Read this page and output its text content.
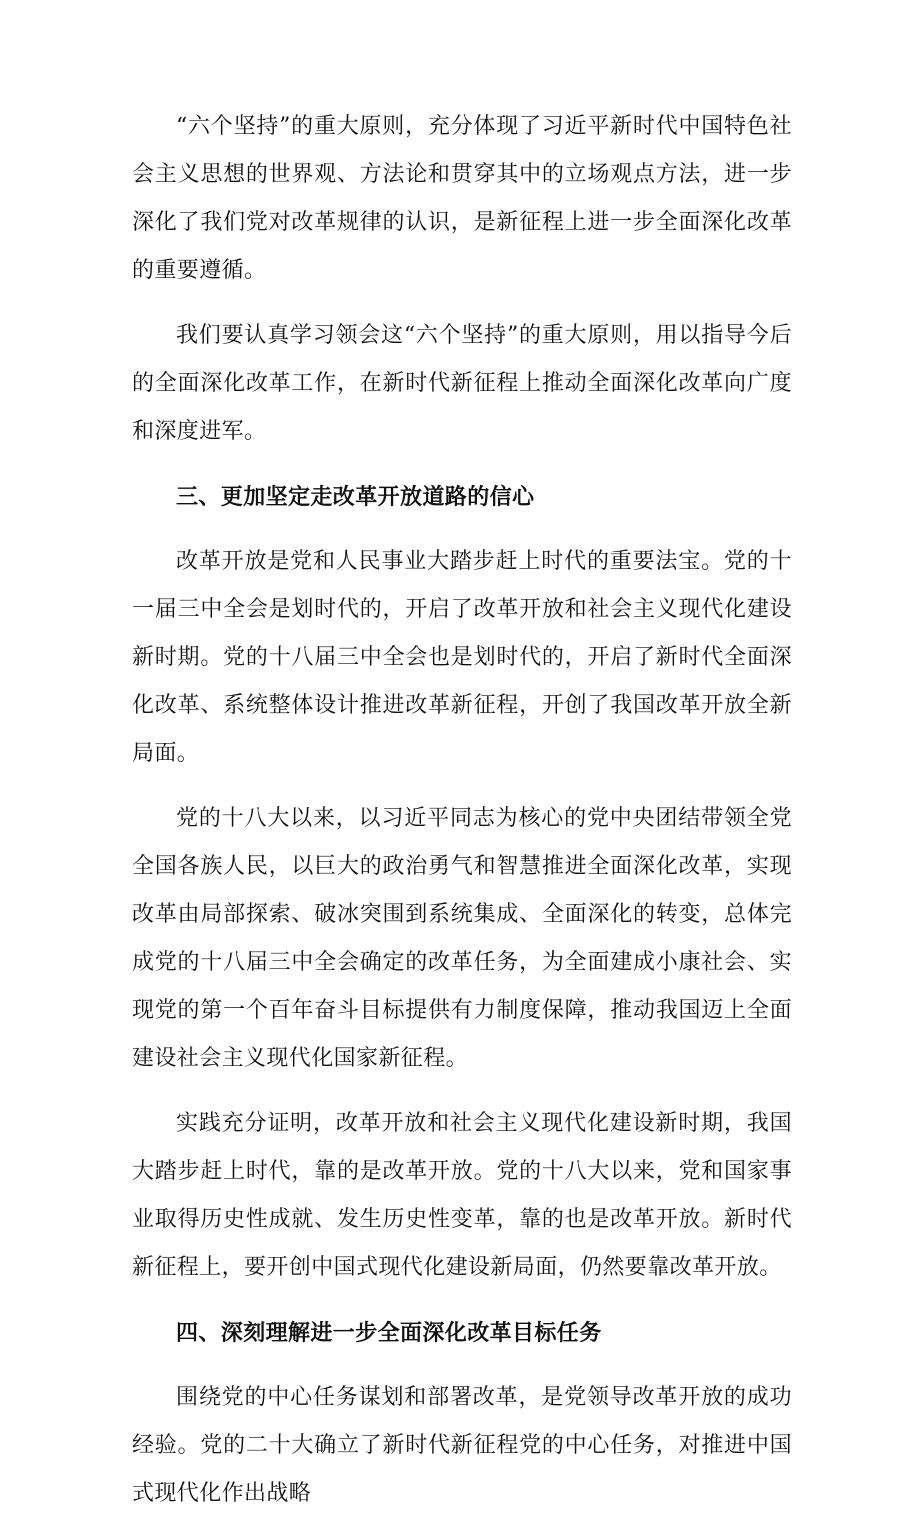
“六个坚持”的重大原则，充分体现了习近平新时代中国特色社会主义思想的世界观、方法论和贯穿其中的立场观点方法，进一步深化了我们党对改革规律的认识，是新征程上进一步全面深化改革的重要遵循。

我们要认真学习领会这“六个坚持”的重大原则，用以指导今后的全面深化改革工作，在新时代新征程上推动全面深化改革向广度和深度进军。

三、更加坚定走改革开放道路的信心

改革开放是党和人民事业大踏步赶上时代的重要法宝。党的十一届三中全会是划时代的，开启了改革开放和社会主义现代化建设新时期。党的十八届三中全会也是划时代的，开启了新时代全面深化改革、系统整体设计推进改革新征程，开创了我国改革开放全新局面。

党的十八大以来，以习近平同志为核心的党中央团结带领全党全国各族人民，以巨大的政治勇气和智慧推进全面深化改革，实现改革由局部探索、破冰突围到系统集成、全面深化的转变，总体完成党的十八届三中全会确定的改革任务，为全面建成小康社会、实现党的第一个百年奋斗目标提供有力制度保障，推动我国迈上全面建设社会主义现代化国家新征程。

实践充分证明，改革开放和社会主义现代化建设新时期，我国大踏步赶上时代，靠的是改革开放。党的十八大以来，党和国家事业取得历史性成就、发生历史性变革，靠的也是改革开放。新时代新征程上，要开创中国式现代化建设新局面，仍然要靠改革开放。

四、深刻理解进一步全面深化改革目标任务

围绕党的中心任务谋划和部署改革，是党领导改革开放的成功经验。党的二十大确立了新时代新征程党的中心任务，对推进中国式现代化作出战略
